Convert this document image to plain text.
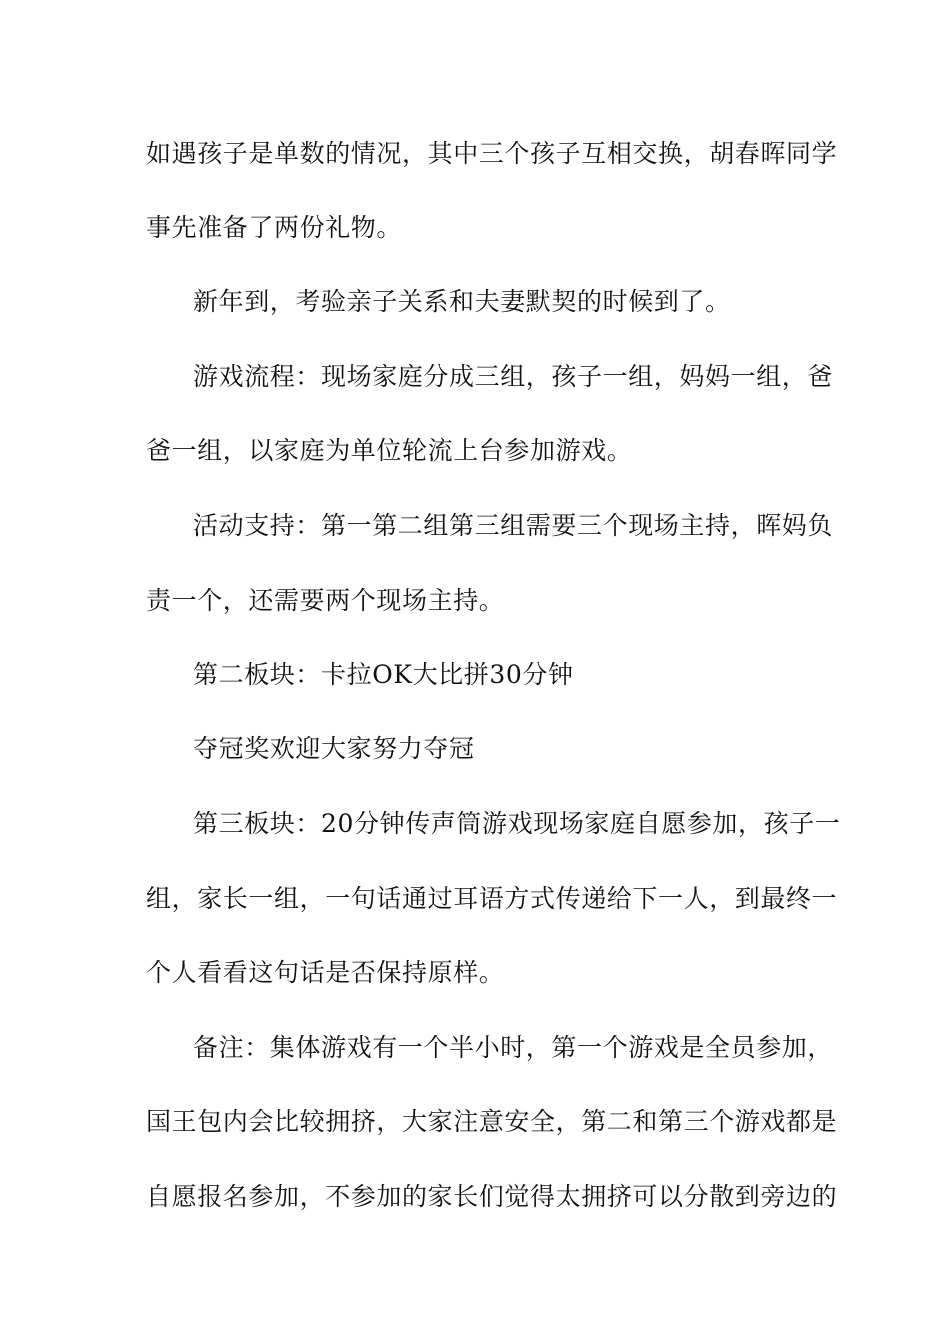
如遇孩子是单数的情况，其中三个孩子互相交换，胡春晖同学
事先准备了两份礼物。
新年到，考验亲子关系和夫妻默契的时候到了。
游戏流程：现场家庭分成三组，孩子一组，妈妈一组，爸
爸一组，以家庭为单位轮流上台参加游戏。
活动支持：第一第二组第三组需要三个现场主持，晖妈负
责一个，还需要两个现场主持。
第二板块：卡拉OK大比拼30分钟
夺冠奖欢迎大家努力夺冠
第三板块：20分钟传声筒游戏现场家庭自愿参加，孩子一
组，家长一组，一句话通过耳语方式传递给下一人，到最终一
个人看看这句话是否保持原样。
备注：集体游戏有一个半小时，第一个游戏是全员参加，
国王包内会比较拥挤，大家注意安全，第二和第三个游戏都是
自愿报名参加，不参加的家长们觉得太拥挤可以分散到旁边的
